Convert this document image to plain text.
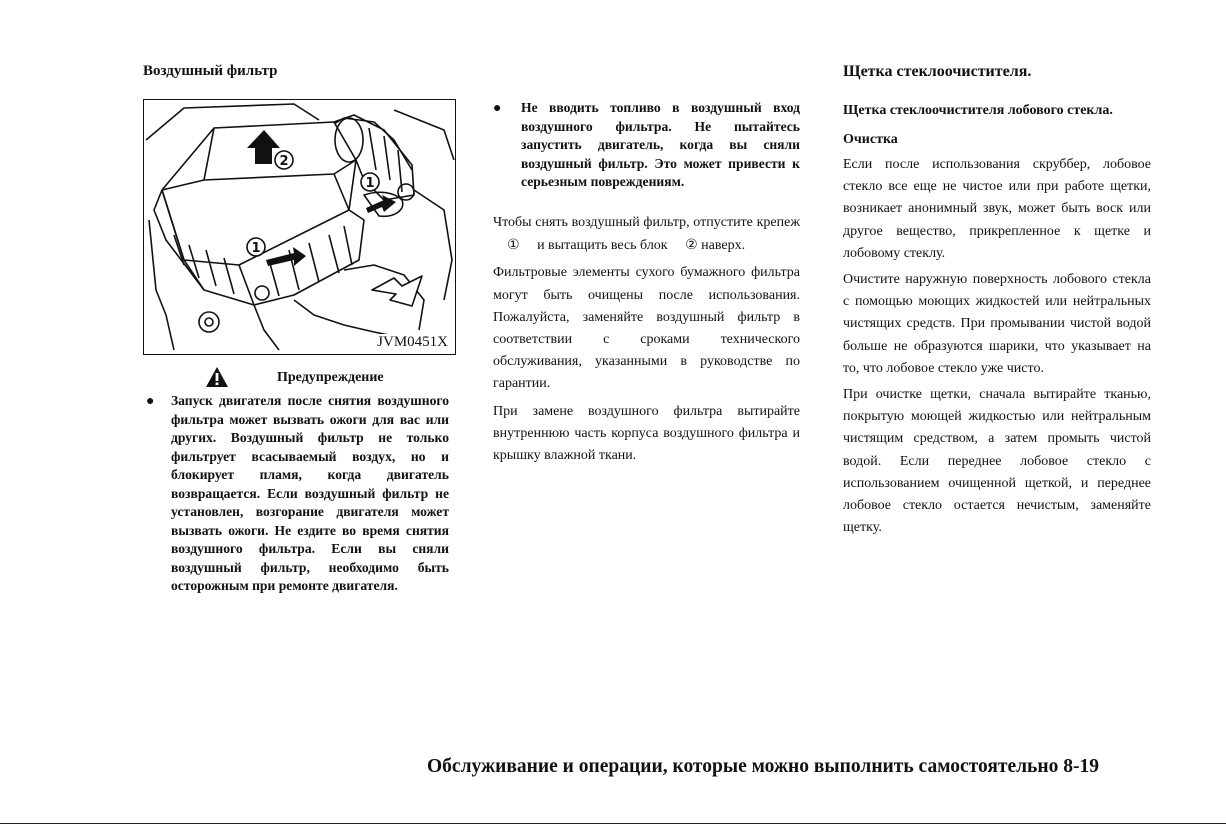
Воздушный фильтр
2
1
1
JVM0451X
Предупреждение
● Запуск двигателя после снятия воздушного фильтра может вызвать ожоги для вас или других. Воздушный фильтр не только фильтрует всасываемый воздух, но и блокирует пламя, когда двигатель возвращается. Если воздушный фильтр не установлен, возгорание двигателя может вызвать ожоги. Не ездите во время снятия воздушного фильтра. Если вы сняли воздушный фильтр, необходимо быть осторожным при ремонте двигателя.

● Не вводить топливо в воздушный вход воздушного фильтра. Не пытайтесь запустить двигатель, когда вы сняли воздушный фильтр. Это может привести к серьезным повреждениям.

Чтобы снять воздушный фильтр, отпустите крепеж ① и вытащить весь блок ② наверх.

Фильтровые элементы сухого бумажного фильтра могут быть очищены после использования. Пожалуйста, заменяйте воздушный фильтр в соответствии с сроками технического обслуживания, указанными в руководстве по гарантии.

При замене воздушного фильтра вытирайте внутреннюю часть корпуса воздушного фильтра и крышку влажной ткани.

Щетка стеклоочистителя.
Щетка стеклоочистителя лобового стекла.
Очистка

Если после использования скруббер, лобовое стекло все еще не чистое или при работе щетки, возникает анонимный звук, может быть воск или другое вещество, прикрепленное к щетке и лобовому стеклу.

Очистите наружную поверхность лобового стекла с помощью моющих жидкостей или нейтральных чистящих средств. При промывании чистой водой больше не образуются шарики, что указывает на то, что лобовое стекло уже чисто.

При очистке щетки, сначала вытирайте тканью, покрытую моющей жидкостью или нейтральным чистящим средством, а затем промыть чистой водой. Если переднее лобовое стекло с использованием очищенной щеткой, и переднее лобовое стекло остается нечистым, заменяйте щетку.

Обслуживание и операции, которые можно выполнить самостоятельно 8-19
